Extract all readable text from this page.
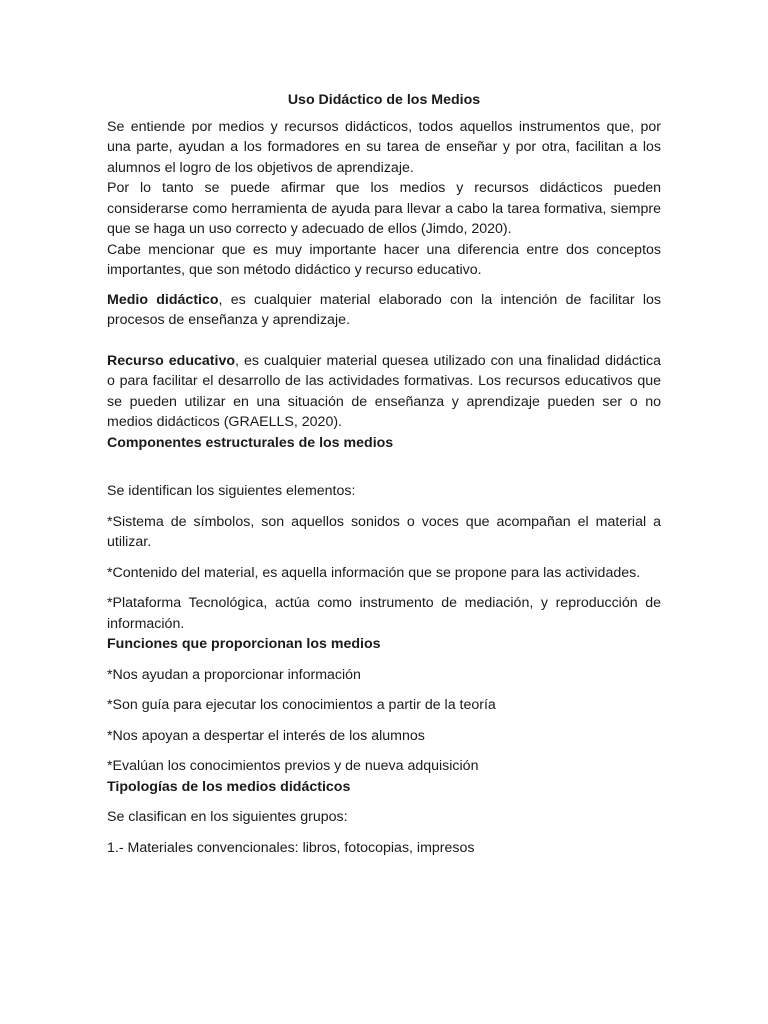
Uso Didáctico de los Medios

Se entiende por medios y recursos didácticos, todos aquellos instrumentos que, por una parte, ayudan a los formadores en su tarea de enseñar y por otra, facilitan a los alumnos el logro de los objetivos de aprendizaje.

Por lo tanto se puede afirmar que los medios y recursos didácticos pueden considerarse como herramienta de ayuda para llevar a cabo la tarea formativa, siempre que se haga un uso correcto y adecuado de ellos (Jimdo, 2020).

Cabe mencionar que es muy importante hacer una diferencia entre dos conceptos importantes, que son método didáctico y recurso educativo.

Medio didáctico, es cualquier material elaborado con la intención de facilitar los procesos de enseñanza y aprendizaje.

Recurso educativo, es cualquier material quesea utilizado con una finalidad didáctica o para facilitar el desarrollo de las actividades formativas. Los recursos educativos que se pueden utilizar en una situación de enseñanza y aprendizaje pueden ser o no medios didácticos (GRAELLS, 2020).

Componentes estructurales de los medios

Se identifican los siguientes elementos:

*Sistema de símbolos, son aquellos sonidos o voces que acompañan el material a utilizar.

*Contenido del material, es aquella información que se propone para las actividades.

*Plataforma Tecnológica, actúa como instrumento de mediación, y reproducción de información.

Funciones que proporcionan los medios

*Nos ayudan a proporcionar información

*Son guía para ejecutar los conocimientos a partir de la teoría

*Nos apoyan a despertar el interés de los alumnos

*Evalúan los conocimientos previos y de nueva adquisición

Tipologías de los medios didácticos

Se clasifican en los siguientes grupos:

1.- Materiales convencionales: libros, fotocopias, impresos
